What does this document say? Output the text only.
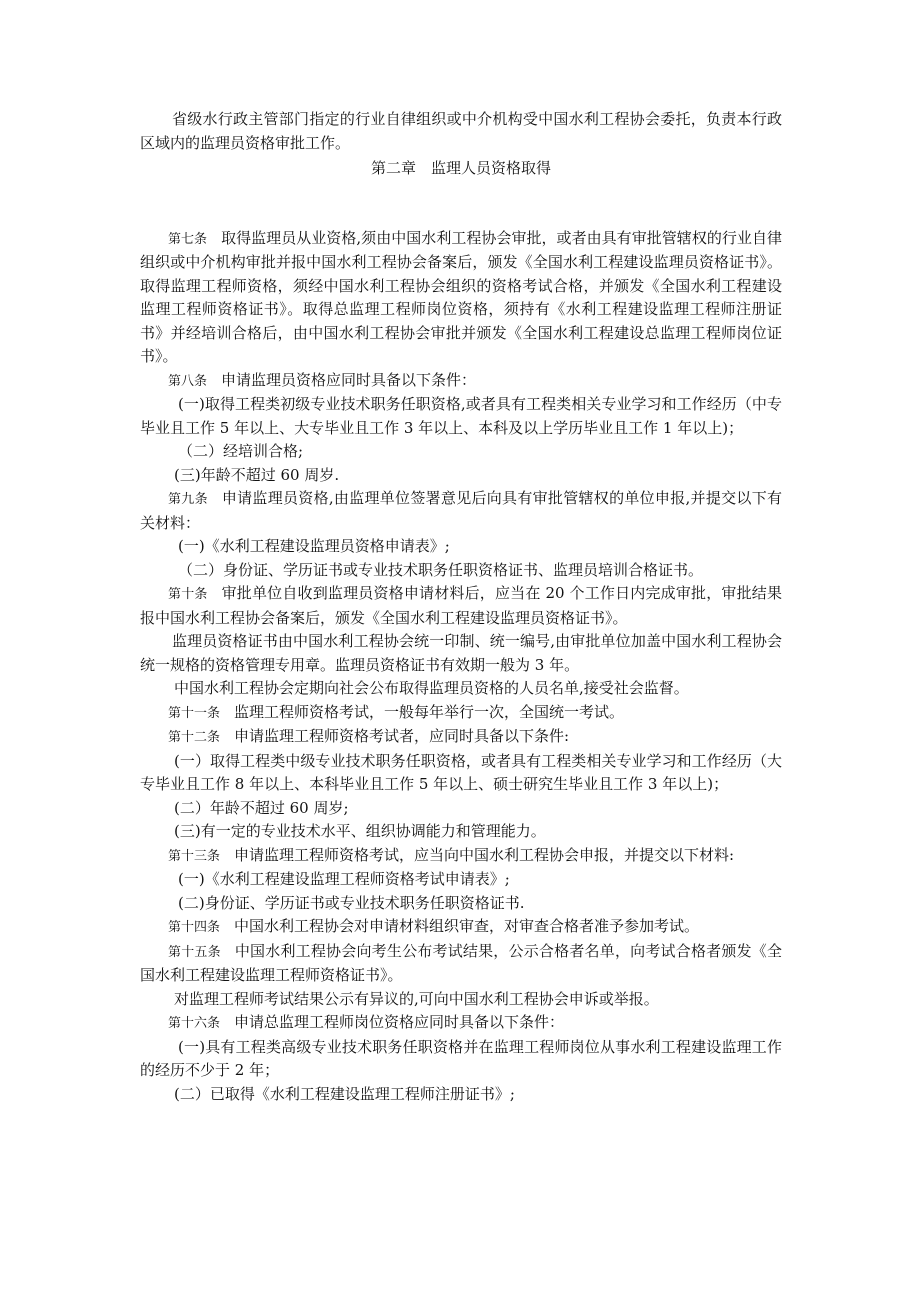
省级水行政主管部门指定的行业自律组织或中介机构受中国水利工程协会委托，负责本行政区域内的监理员资格审批工作。

第二章　监理人员资格取得

第七条 取得监理员从业资格,须由中国水利工程协会审批，或者由具有审批管辖权的行业自律组织或中介机构审批并报中国水利工程协会备案后，颁发《全国水利工程建设监理员资格证书》。取得监理工程师资格，须经中国水利工程协会组织的资格考试合格，并颁发《全国水利工程建设监理工程师资格证书》。取得总监理工程师岗位资格，须持有《水利工程建设监理工程师注册证书》并经培训合格后，由中国水利工程协会审批并颁发《全国水利工程建设总监理工程师岗位证书》。

第八条 申请监理员资格应同时具备以下条件：

(一)取得工程类初级专业技术职务任职资格,或者具有工程类相关专业学习和工作经历（中专毕业且工作 5 年以上、大专毕业且工作 3 年以上、本科及以上学历毕业且工作 1 年以上)；

（二）经培训合格;

(三)年龄不超过 60 周岁.

第九条 申请监理员资格,由监理单位签署意见后向具有审批管辖权的单位申报,并提交以下有关材料：

(一)《水利工程建设监理员资格申请表》;

（二）身份证、学历证书或专业技术职务任职资格证书、监理员培训合格证书。

第十条 审批单位自收到监理员资格申请材料后，应当在 20 个工作日内完成审批，审批结果报中国水利工程协会备案后，颁发《全国水利工程建设监理员资格证书》。

监理员资格证书由中国水利工程协会统一印制、统一编号,由审批单位加盖中国水利工程协会统一规格的资格管理专用章。监理员资格证书有效期一般为 3 年。

中国水利工程协会定期向社会公布取得监理员资格的人员名单,接受社会监督。

第十一条 监理工程师资格考试，一般每年举行一次，全国统一考试。

第十二条 申请监理工程师资格考试者，应同时具备以下条件:

(一）取得工程类中级专业技术职务任职资格，或者具有工程类相关专业学习和工作经历（大专毕业且工作 8 年以上、本科毕业且工作 5 年以上、硕士研究生毕业且工作 3 年以上)；

(二）年龄不超过 60 周岁;

(三)有一定的专业技术水平、组织协调能力和管理能力。

第十三条 申请监理工程师资格考试，应当向中国水利工程协会申报，并提交以下材料:

(一)《水利工程建设监理工程师资格考试申请表》;

(二)身份证、学历证书或专业技术职务任职资格证书.

第十四条 中国水利工程协会对申请材料组织审查，对审查合格者准予参加考试。

第十五条 中国水利工程协会向考生公布考试结果，公示合格者名单，向考试合格者颁发《全国水利工程建设监理工程师资格证书》。

对监理工程师考试结果公示有异议的,可向中国水利工程协会申诉或举报。

第十六条 申请总监理工程师岗位资格应同时具备以下条件：

(一)具有工程类高级专业技术职务任职资格并在监理工程师岗位从事水利工程建设监理工作的经历不少于 2 年；

(二）已取得《水利工程建设监理工程师注册证书》;
